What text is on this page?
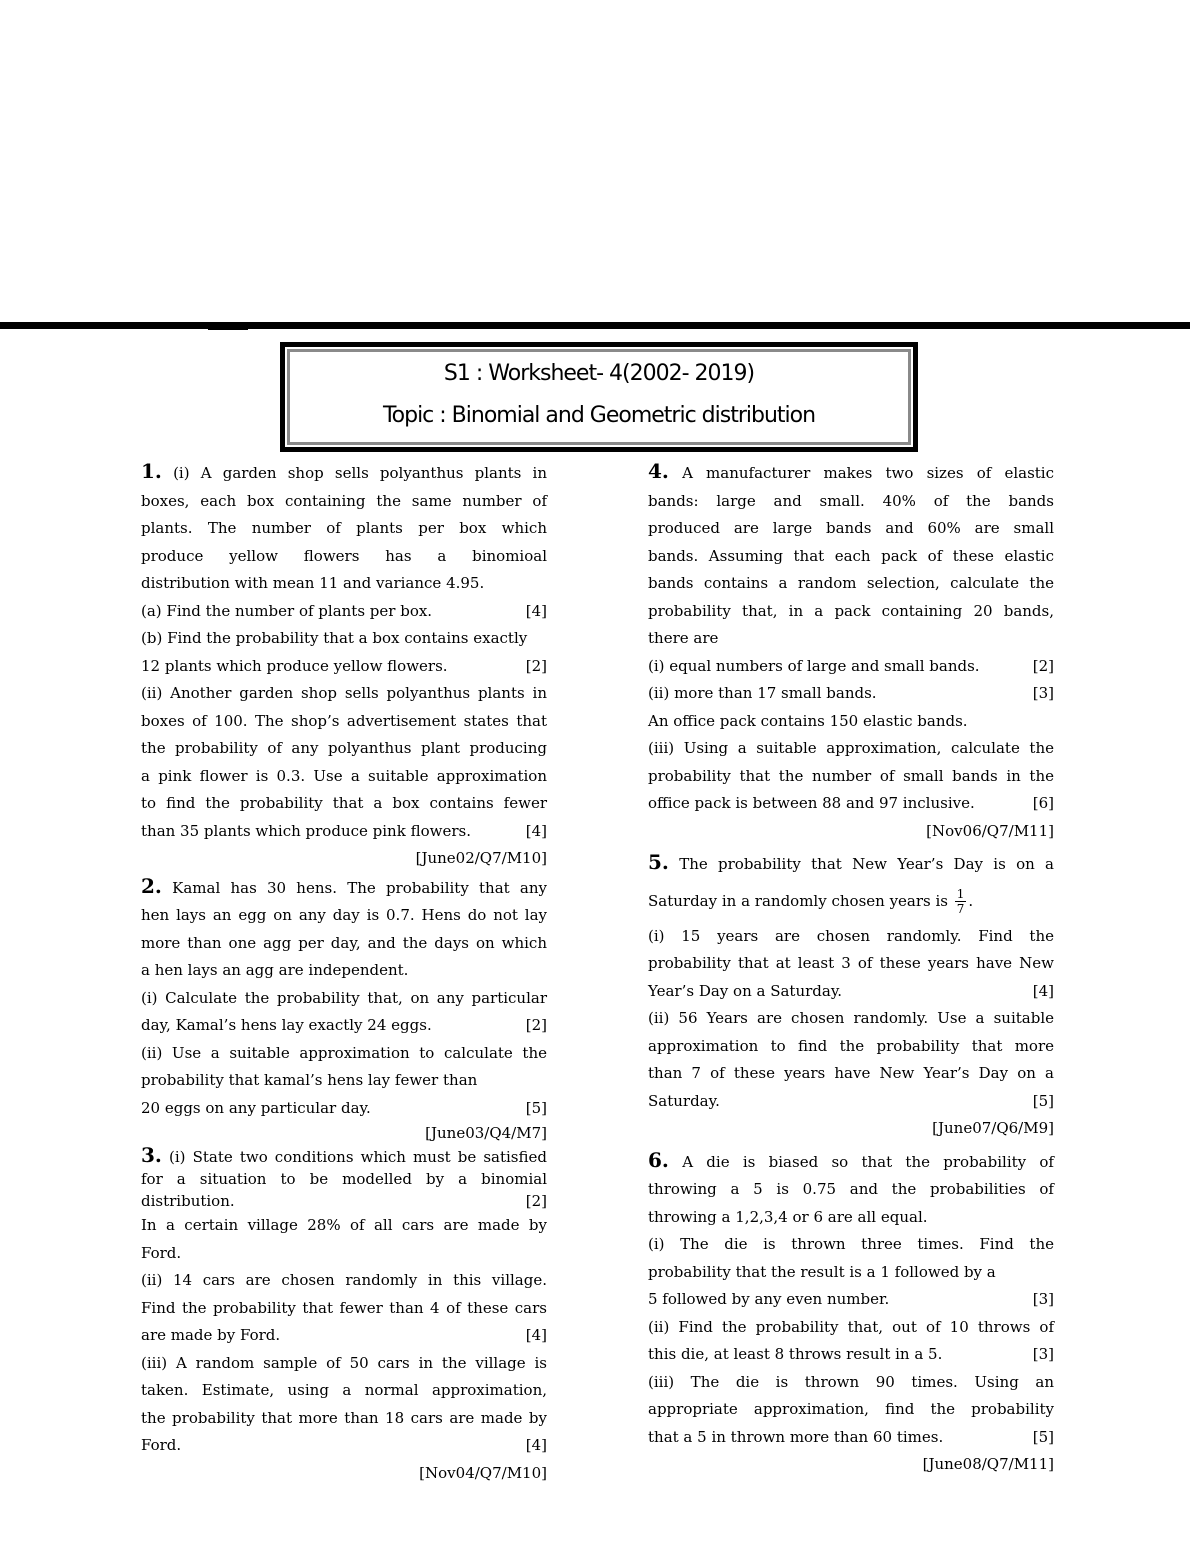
S1 : Worksheet- 4(2002- 2019)
Topic : Binomial and Geometric distribution
1. (i) A garden shop sells polyanthus plants in
boxes, each box containing the same number of
plants. The number of plants per box which
produce yellow flowers has a binomioal
distribution with mean 11 and variance 4.95.
(a) Find the number of plants per box.	[4]
(b) Find the probability that a box contains exactly
12 plants which produce yellow flowers.	[2]
(ii) Another garden shop sells polyanthus plants in
boxes of 100. The shop’s advertisement states that
the probability of any polyanthus plant producing
a pink flower is 0.3. Use a suitable approximation
to find the probability that a box contains fewer
than 35 plants which produce pink flowers.	[4]
[June02/Q7/M10]
2. Kamal has 30 hens. The probability that any
hen lays an egg on any day is 0.7. Hens do not lay
more than one agg per day, and the days on which
a hen lays an agg are independent.
(i) Calculate the probability that, on any particular
day, Kamal’s hens lay exactly 24 eggs.	[2]
(ii) Use a suitable approximation to calculate the
probability that kamal’s hens lay fewer than
20 eggs on any particular day.	[5]
[June03/Q4/M7]
3. (i) State two conditions which must be satisfied
for a situation to be modelled by a binomial
distribution.	[2]
In a certain village 28% of all cars are made by
Ford.
(ii) 14 cars are chosen randomly in this village.
Find the probability that fewer than 4 of these cars
are made by Ford.	[4]
(iii) A random sample of 50 cars in the village is
taken. Estimate, using a normal approximation,
the probability that more than 18 cars are made by
Ford.	[4]
[Nov04/Q7/M10]
4. A manufacturer makes two sizes of elastic
bands: large and small. 40% of the bands
produced are large bands and 60% are small
bands. Assuming that each pack of these elastic
bands contains a random selection, calculate the
probability that, in a pack containing 20 bands,
there are
(i) equal numbers of large and small bands.	[2]
(ii) more than 17 small bands.	[3]
An office pack contains 150 elastic bands.
(iii) Using a suitable approximation, calculate the
probability that the number of small bands in the
office pack is between 88 and 97 inclusive.	[6]
[Nov06/Q7/M11]
5. The probability that New Year’s Day is on a
Saturday in a randomly chosen years is $\frac{1}{7}$ .
(i) 15 years are chosen randomly. Find the
probability that at least 3 of these years have New
Year’s Day on a Saturday.	[4]
(ii) 56 Years are chosen randomly. Use a suitable
approximation to find the probability that more
than 7 of these years have New Year’s Day on a
Saturday.	[5]
[June07/Q6/M9]
6. A die is biased so that the probability of
throwing a 5 is 0.75 and the probabilities of
throwing a 1,2,3,4 or 6 are all equal.
(i) The die is thrown three times. Find the
probability that the result is a 1 followed by a
5 followed by any even number.	[3]
(ii) Find the probability that, out of 10 throws of
this die, at least 8 throws result in a 5.	[3]
(iii) The die is thrown 90 times. Using an
appropriate approximation, find the probability
that a 5 in thrown more than 60 times.	[5]
[June08/Q7/M11]
